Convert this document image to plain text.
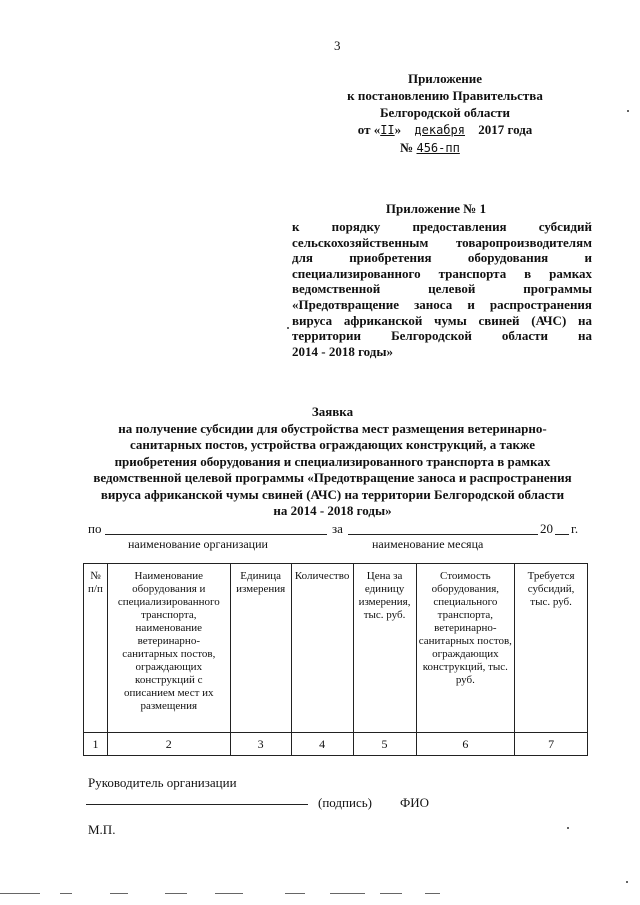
3
Приложение
к постановлению Правительства
Белгородской области
от «II» декабря 2017 года
№ 456-пп
Приложение № 1
к порядку предоставления субсидий
сельскохозяйственным товаропроизводителям
для	приобретения	оборудования	и
специализированного транспорта в рамках
ведомственной	целевой	программы
«Предотвращение заноса и распространения
вируса африканской чумы свиней (АЧС) на
территории Белгородской области на
2014 - 2018 годы»
Заявка
на получение субсидии для обустройства мест размещения ветеринарно-
санитарных постов, устройства ограждающих конструкций, а также
приобретения оборудования и специализированного транспорта в рамках
ведомственной целевой программы «Предотвращение заноса и распространения
вируса африканской чумы свиней (АЧС) на территории Белгородской области
на 2014 - 2018 годы»
по	за	20 г.
наименование организации	наименование месяца
№ п/п	Наименование оборудования и специализированного транспорта, наименование ветеринарно-санитарных постов, ограждающих конструкций с описанием мест их размещения	Единица измерения	Количество	Цена за единицу измерения, тыс. руб.	Стоимость оборудования, специального транспорта, ветеринарно-санитарных постов, ограждающих конструкций, тыс. руб.	Требуется субсидий, тыс. руб.
1	2	3	4	5	6	7
Руководитель организации
(подпись) ФИО
М.П.
